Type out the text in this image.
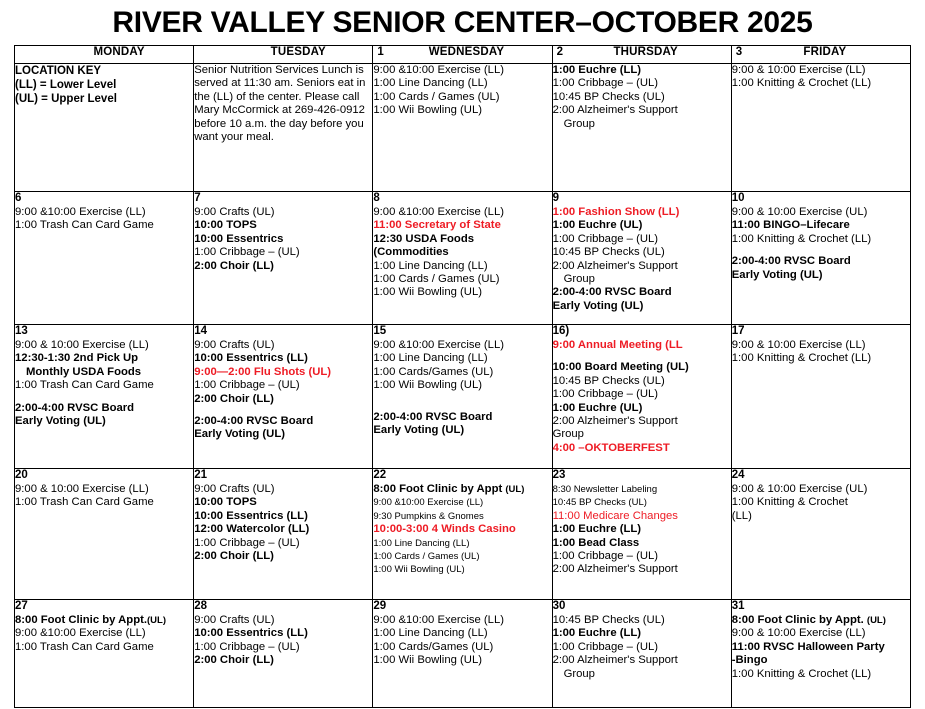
RIVER VALLEY SENIOR CENTER–OCTOBER 2025
MONDAY	TUESDAY	1 WEDNESDAY	2 THURSDAY	3 FRIDAY

LOCATION KEY
(LL) = Lower Level
(UL) = Upper Level

Senior Nutrition Services Lunch is served at 11:30 am. Seniors eat in the (LL) of the center. Please call Mary McCormick at 269-426-0912 before 10 a.m. the day before you want your meal.

9:00 &10:00 Exercise (LL)
1:00 Line Dancing (LL)
1:00 Cards / Games (UL)
1:00 Wii Bowling (UL)

1:00 Euchre (LL)
1:00 Cribbage – (UL)
10:45 BP Checks (UL)
2:00 Alzheimer's Support
Group

9:00 & 10:00 Exercise (LL)
1:00 Knitting & Crochet (LL)

6
9:00 &10:00 Exercise (LL)
1:00 Trash Can Card Game

7
9:00 Crafts (UL)
10:00 TOPS
10:00 Essentrics
1:00 Cribbage – (UL)
2:00 Choir (LL)

8
9:00 &10:00 Exercise (LL)
11:00 Secretary of State
12:30 USDA Foods
(Commodities
1:00 Line Dancing (LL)
1:00 Cards / Games (UL)
1:00 Wii Bowling (UL)

9
1:00 Fashion Show (LL)
1:00 Euchre (UL)
1:00 Cribbage – (UL)
10:45 BP Checks (UL)
2:00 Alzheimer's Support
Group
2:00-4:00 RVSC Board
Early Voting (UL)

10
9:00 & 10:00 Exercise (UL)
11:00 BINGO–Lifecare
1:00 Knitting & Crochet (LL)
2:00-4:00 RVSC Board
Early Voting (UL)

13
9:00 & 10:00 Exercise (LL)
12:30-1:30 2nd Pick Up
Monthly USDA Foods
1:00 Trash Can Card Game
2:00-4:00 RVSC Board
Early Voting (UL)

14
9:00 Crafts (UL)
10:00 Essentrics (LL)
9:00—2:00 Flu Shots (UL)
1:00 Cribbage – (UL)
2:00 Choir (LL)
2:00-4:00 RVSC Board
Early Voting (UL)

15
9:00 &10:00 Exercise (LL)
1:00 Line Dancing (LL)
1:00 Cards/Games (UL)
1:00 Wii Bowling (UL)
2:00-4:00 RVSC Board
Early Voting (UL)

16)
9:00 Annual Meeting (LL
10:00 Board Meeting (UL)
10:45 BP Checks (UL)
1:00 Cribbage – (UL)
1:00 Euchre (UL)
2:00 Alzheimer's Support
Group
4:00 –OKTOBERFEST

17
9:00 & 10:00 Exercise (LL)
1:00 Knitting & Crochet (LL)

20
9:00 & 10:00 Exercise (LL)
1:00 Trash Can Card Game

21
9:00 Crafts (UL)
10:00 TOPS
10:00 Essentrics (LL)
12:00 Watercolor (LL)
1:00 Cribbage – (UL)
2:00 Choir (LL)

22
8:00 Foot Clinic by Appt (UL)
9:00 &10:00 Exercise (LL)
9:30 Pumpkins & Gnomes
10:00-3:00 4 Winds Casino
1:00 Line Dancing (LL)
1:00 Cards / Games (UL)
1:00 Wii Bowling (UL)

23
8:30 Newsletter Labeling
10:45 BP Checks (UL)
11:00 Medicare Changes
1:00 Euchre (LL)
1:00 Bead Class
1:00 Cribbage – (UL)
2:00 Alzheimer's Support

24
9:00 & 10:00 Exercise (UL)
1:00 Knitting & Crochet
(LL)

27
8:00 Foot Clinic by Appt.(UL)
9:00 &10:00 Exercise (LL)
1:00 Trash Can Card Game

28
9:00 Crafts (UL)
10:00 Essentrics (LL)
1:00 Cribbage – (UL)
2:00 Choir (LL)

29
9:00 &10:00 Exercise (LL)
1:00 Line Dancing (LL)
1:00 Cards/Games (UL)
1:00 Wii Bowling (UL)

30
10:45 BP Checks (UL)
1:00 Euchre (LL)
1:00 Cribbage – (UL)
2:00 Alzheimer's Support
Group

31
8:00 Foot Clinic by Appt. (UL)
9:00 & 10:00 Exercise (LL)
11:00 RVSC Halloween Party
-Bingo
1:00 Knitting & Crochet (LL)
